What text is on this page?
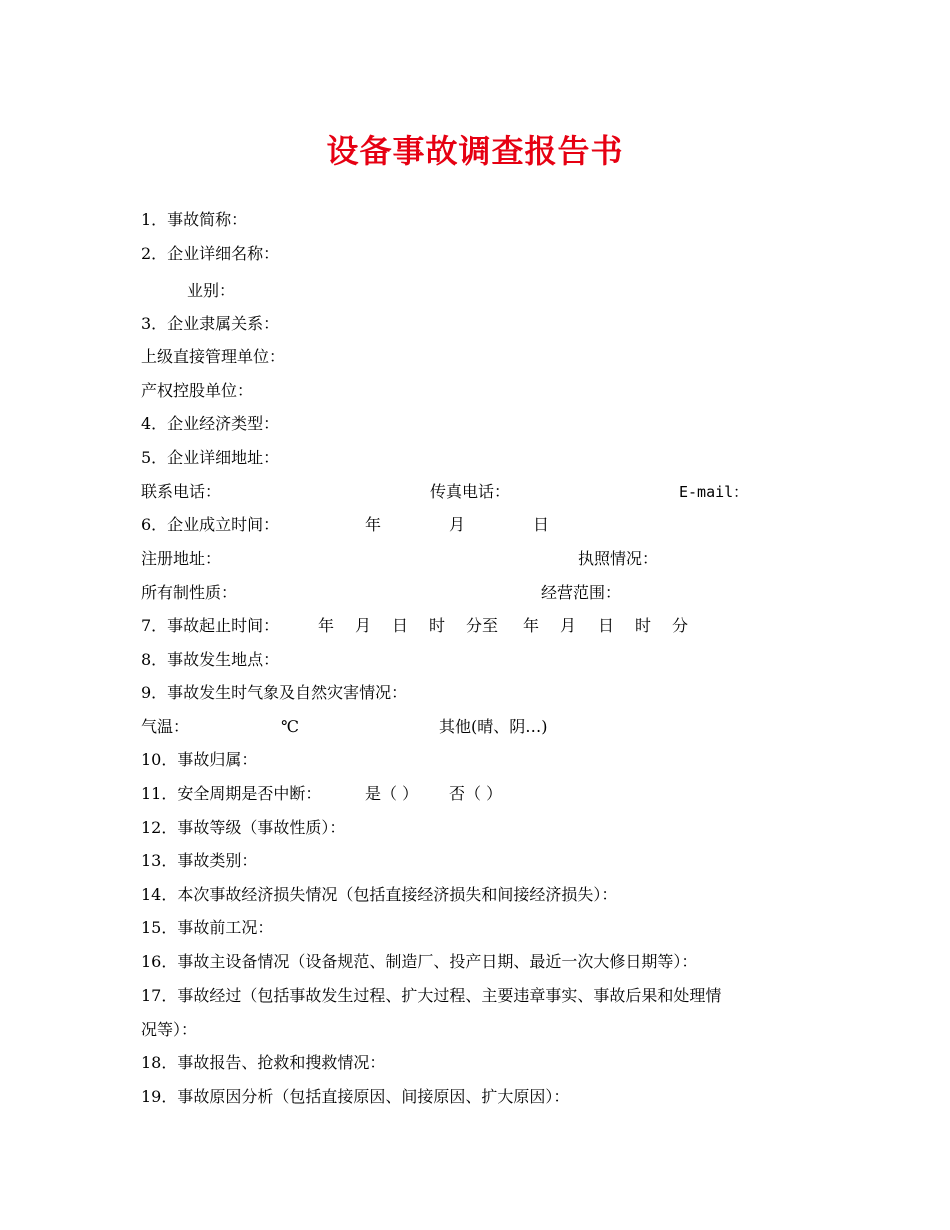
设备事故调查报告书
1．事故简称：
2．企业详细名称：
业别：
3．企业隶属关系：
上级直接管理单位：
产权控股单位：
4．企业经济类型：
5．企业详细地址：
联系电话：	传真电话：	E-mail：
6．企业成立时间：	年	月	日
注册地址：	执照情况：
所有制性质：	经营范围：
7．事故起止时间： 年 月 日 时 分至 年 月 日 时 分
8．事故发生地点：
9．事故发生时气象及自然灾害情况：
气温：	℃	其他(晴、阴…)
10．事故归属：
11．安全周期是否中断：	是（ ） 否（ ）
12．事故等级（事故性质）：
13．事故类别：
14．本次事故经济损失情况（包括直接经济损失和间接经济损失）：
15．事故前工况：
16．事故主设备情况（设备规范、制造厂、投产日期、最近一次大修日期等）：
17．事故经过（包括事故发生过程、扩大过程、主要违章事实、事故后果和处理情
况等）：
18．事故报告、抢救和搜救情况：
19．事故原因分析（包括直接原因、间接原因、扩大原因）：
